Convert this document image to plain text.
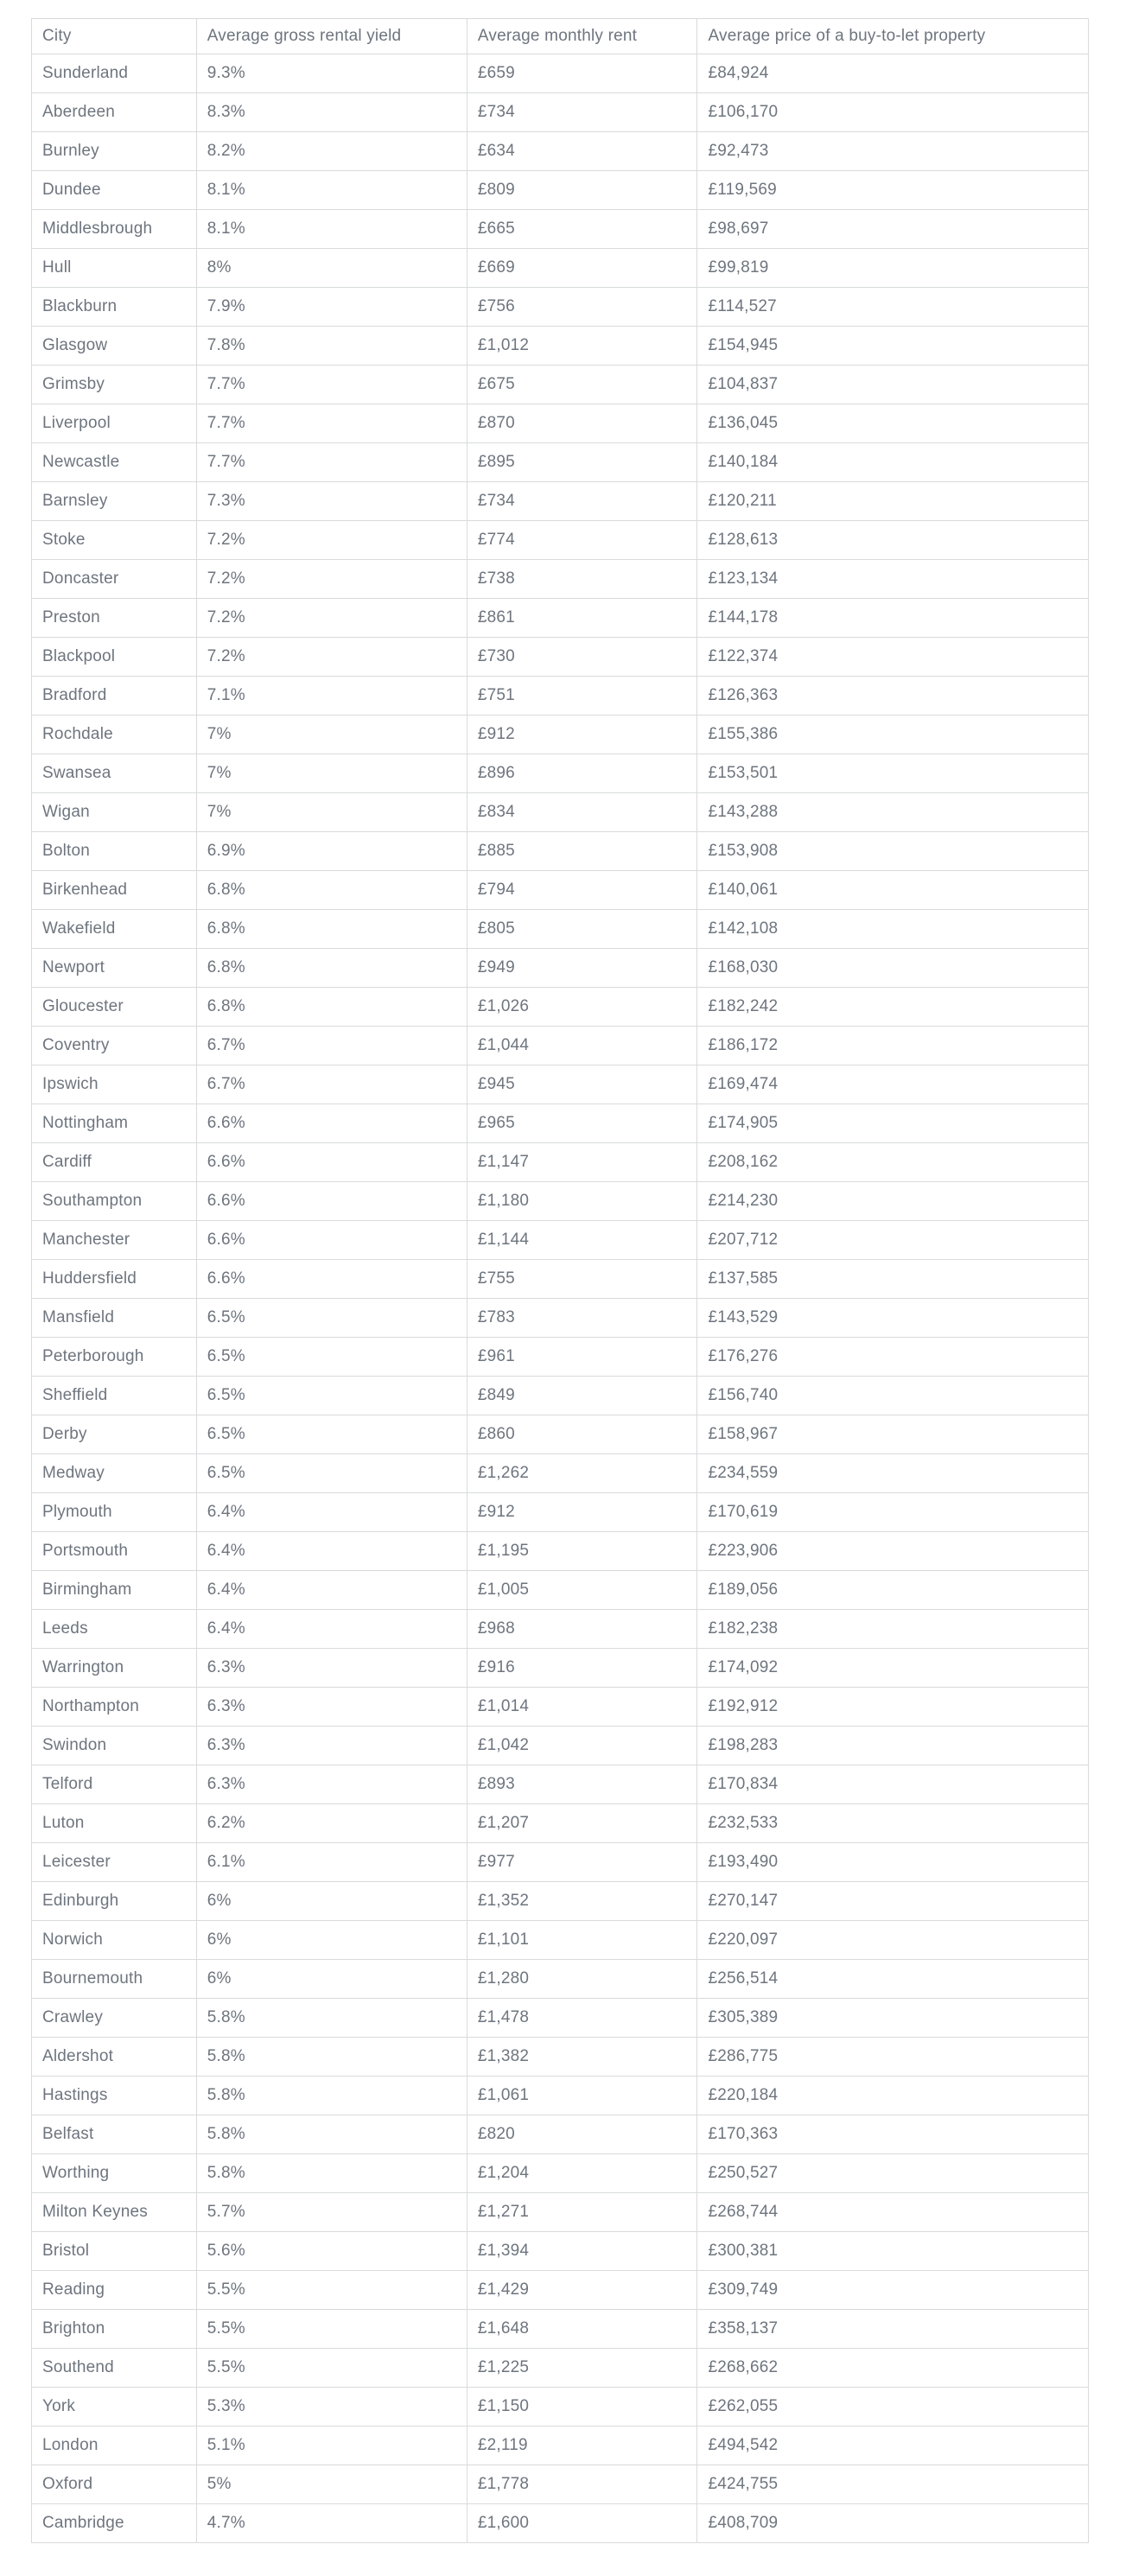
City	Average gross rental yield	Average monthly rent	Average price of a buy-to-let property
Sunderland	9.3%	£659	£84,924
Aberdeen	8.3%	£734	£106,170
Burnley	8.2%	£634	£92,473
Dundee	8.1%	£809	£119,569
Middlesbrough	8.1%	£665	£98,697
Hull	8%	£669	£99,819
Blackburn	7.9%	£756	£114,527
Glasgow	7.8%	£1,012	£154,945
Grimsby	7.7%	£675	£104,837
Liverpool	7.7%	£870	£136,045
Newcastle	7.7%	£895	£140,184
Barnsley	7.3%	£734	£120,211
Stoke	7.2%	£774	£128,613
Doncaster	7.2%	£738	£123,134
Preston	7.2%	£861	£144,178
Blackpool	7.2%	£730	£122,374
Bradford	7.1%	£751	£126,363
Rochdale	7%	£912	£155,386
Swansea	7%	£896	£153,501
Wigan	7%	£834	£143,288
Bolton	6.9%	£885	£153,908
Birkenhead	6.8%	£794	£140,061
Wakefield	6.8%	£805	£142,108
Newport	6.8%	£949	£168,030
Gloucester	6.8%	£1,026	£182,242
Coventry	6.7%	£1,044	£186,172
Ipswich	6.7%	£945	£169,474
Nottingham	6.6%	£965	£174,905
Cardiff	6.6%	£1,147	£208,162
Southampton	6.6%	£1,180	£214,230
Manchester	6.6%	£1,144	£207,712
Huddersfield	6.6%	£755	£137,585
Mansfield	6.5%	£783	£143,529
Peterborough	6.5%	£961	£176,276
Sheffield	6.5%	£849	£156,740
Derby	6.5%	£860	£158,967
Medway	6.5%	£1,262	£234,559
Plymouth	6.4%	£912	£170,619
Portsmouth	6.4%	£1,195	£223,906
Birmingham	6.4%	£1,005	£189,056
Leeds	6.4%	£968	£182,238
Warrington	6.3%	£916	£174,092
Northampton	6.3%	£1,014	£192,912
Swindon	6.3%	£1,042	£198,283
Telford	6.3%	£893	£170,834
Luton	6.2%	£1,207	£232,533
Leicester	6.1%	£977	£193,490
Edinburgh	6%	£1,352	£270,147
Norwich	6%	£1,101	£220,097
Bournemouth	6%	£1,280	£256,514
Crawley	5.8%	£1,478	£305,389
Aldershot	5.8%	£1,382	£286,775
Hastings	5.8%	£1,061	£220,184
Belfast	5.8%	£820	£170,363
Worthing	5.8%	£1,204	£250,527
Milton Keynes	5.7%	£1,271	£268,744
Bristol	5.6%	£1,394	£300,381
Reading	5.5%	£1,429	£309,749
Brighton	5.5%	£1,648	£358,137
Southend	5.5%	£1,225	£268,662
York	5.3%	£1,150	£262,055
London	5.1%	£2,119	£494,542
Oxford	5%	£1,778	£424,755
Cambridge	4.7%	£1,600	£408,709
